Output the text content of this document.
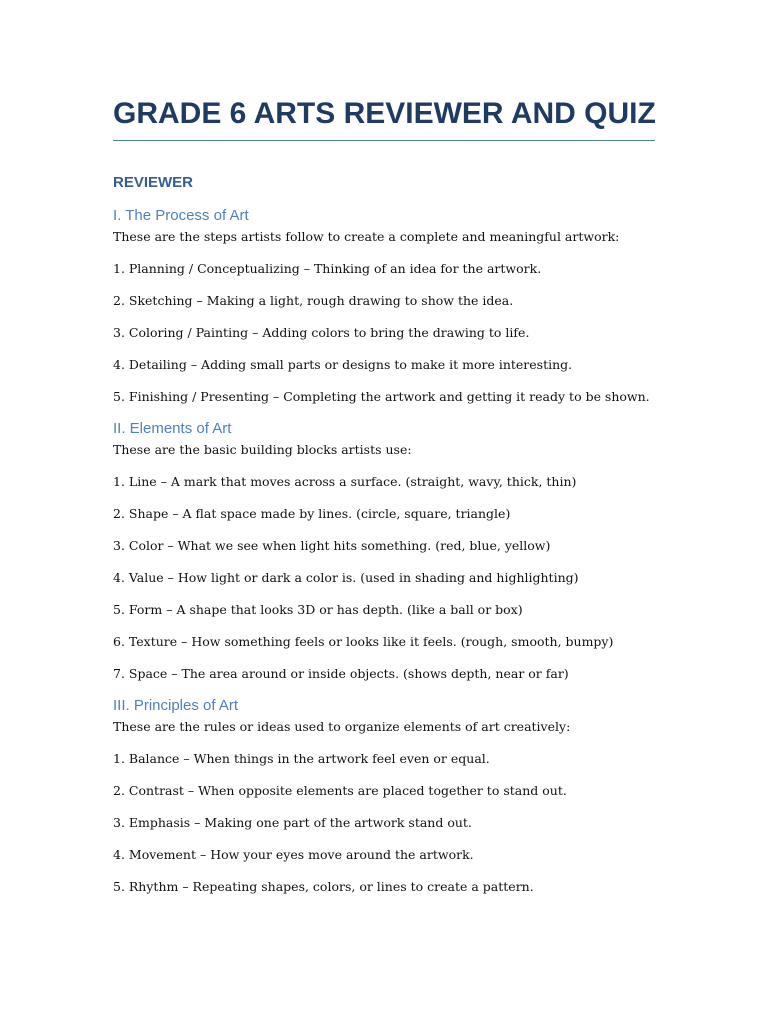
GRADE 6 ARTS REVIEWER AND QUIZ
REVIEWER
I. The Process of Art
These are the steps artists follow to create a complete and meaningful artwork:
1. Planning / Conceptualizing – Thinking of an idea for the artwork.
2. Sketching – Making a light, rough drawing to show the idea.
3. Coloring / Painting – Adding colors to bring the drawing to life.
4. Detailing – Adding small parts or designs to make it more interesting.
5. Finishing / Presenting – Completing the artwork and getting it ready to be shown.
II. Elements of Art
These are the basic building blocks artists use:
1. Line – A mark that moves across a surface. (straight, wavy, thick, thin)
2. Shape – A flat space made by lines. (circle, square, triangle)
3. Color – What we see when light hits something. (red, blue, yellow)
4. Value – How light or dark a color is. (used in shading and highlighting)
5. Form – A shape that looks 3D or has depth. (like a ball or box)
6. Texture – How something feels or looks like it feels. (rough, smooth, bumpy)
7. Space – The area around or inside objects. (shows depth, near or far)
III. Principles of Art
These are the rules or ideas used to organize elements of art creatively:
1. Balance – When things in the artwork feel even or equal.
2. Contrast – When opposite elements are placed together to stand out.
3. Emphasis – Making one part of the artwork stand out.
4. Movement – How your eyes move around the artwork.
5. Rhythm – Repeating shapes, colors, or lines to create a pattern.
